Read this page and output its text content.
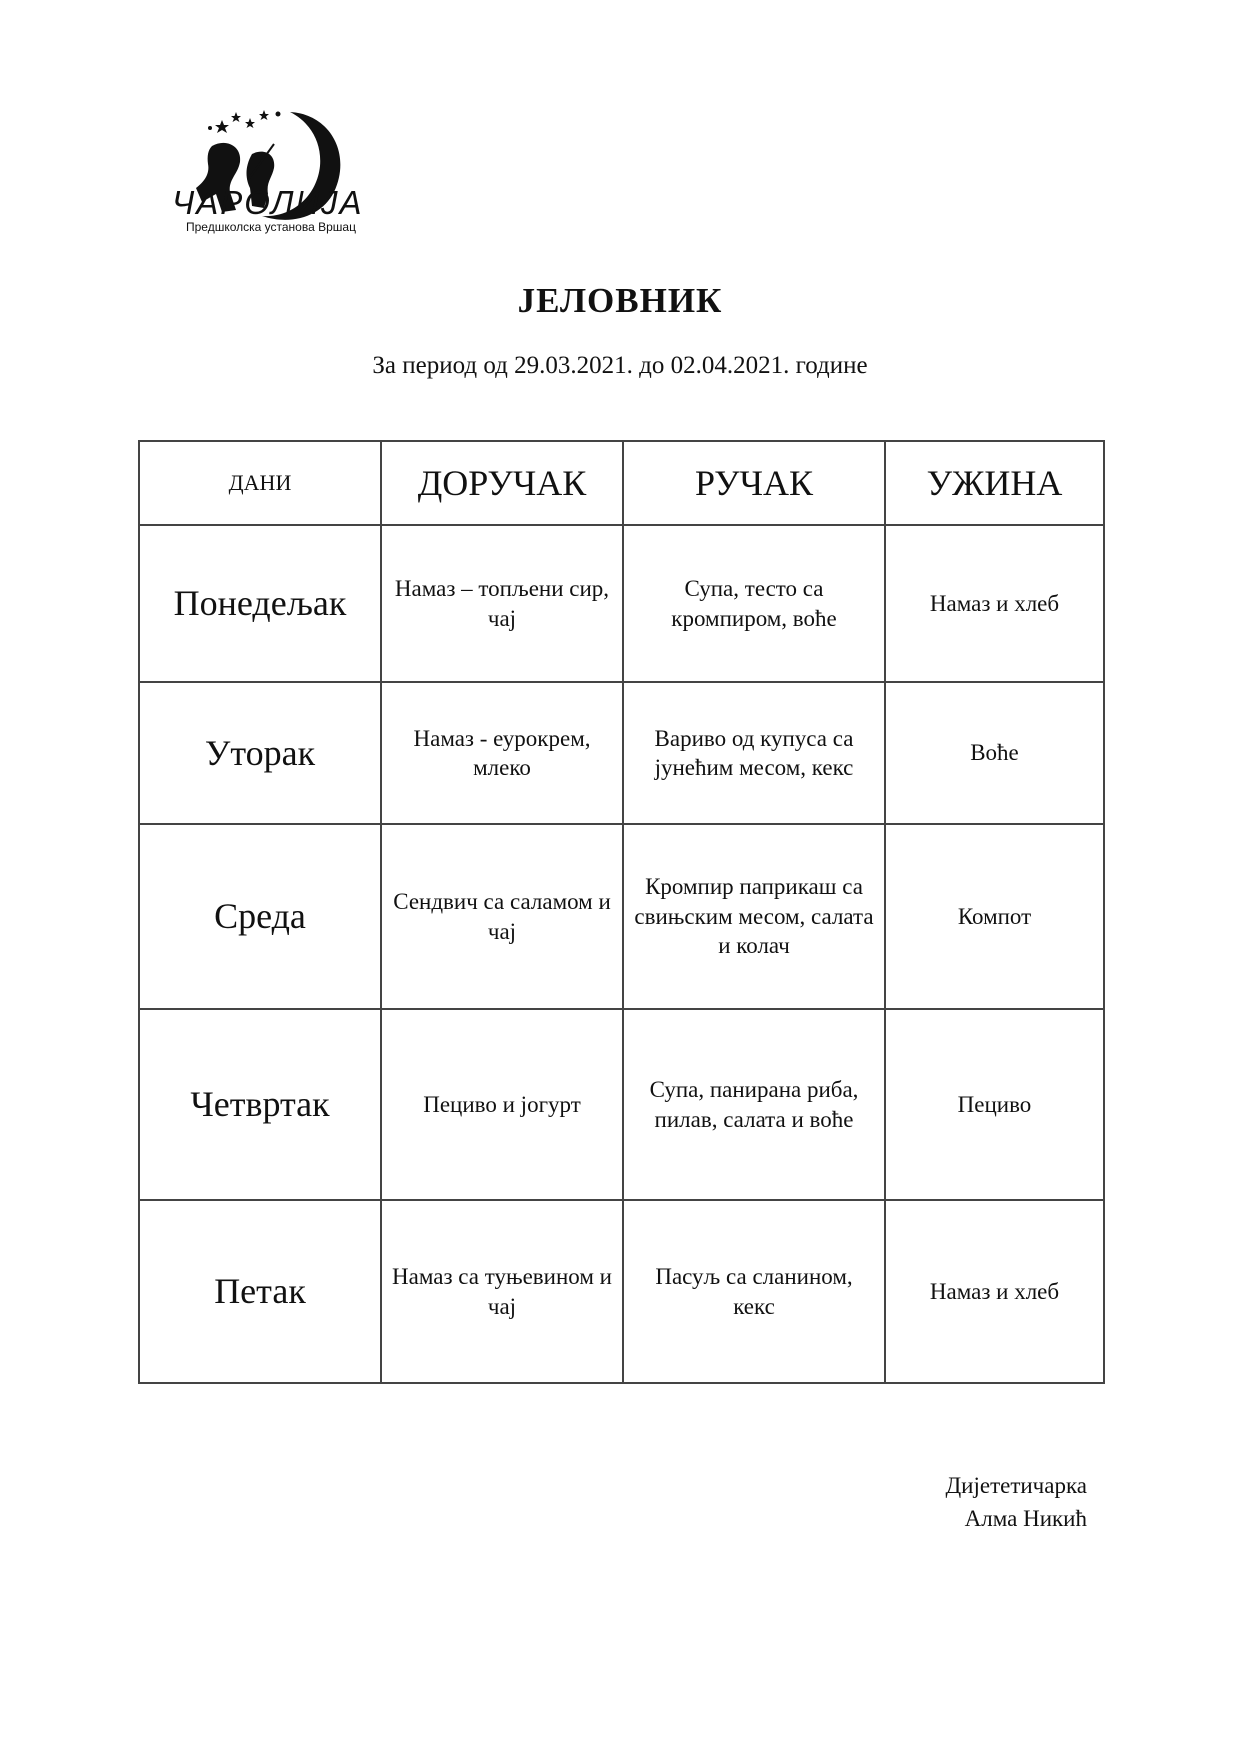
ЧАРОЛИЈА
Предшколска установа Вршац
ЈЕЛОВНИК
За период од 29.03.2021. до 02.04.2021. године
ДАНИ	ДОРУЧАК	РУЧАК	УЖИНА
Понедељак	Намаз – топљени сир, чај	Супа, тесто са кромпиром, воће	Намаз и хлеб
Уторак	Намаз - еурокрем, млеко	Вариво од купуса са јунећим месом, кекс	Воће
Среда	Сендвич са саламом и чај	Кромпир паприкаш са свињским месом, салата и колач	Компот
Четвртак	Пециво и јогурт	Супа, панирана риба, пилав, салата и воће	Пециво
Петак	Намаз са туњевином и чај	Пасуљ са сланином, кекс	Намаз и хлеб
Дијететичарка
Алма Никић
